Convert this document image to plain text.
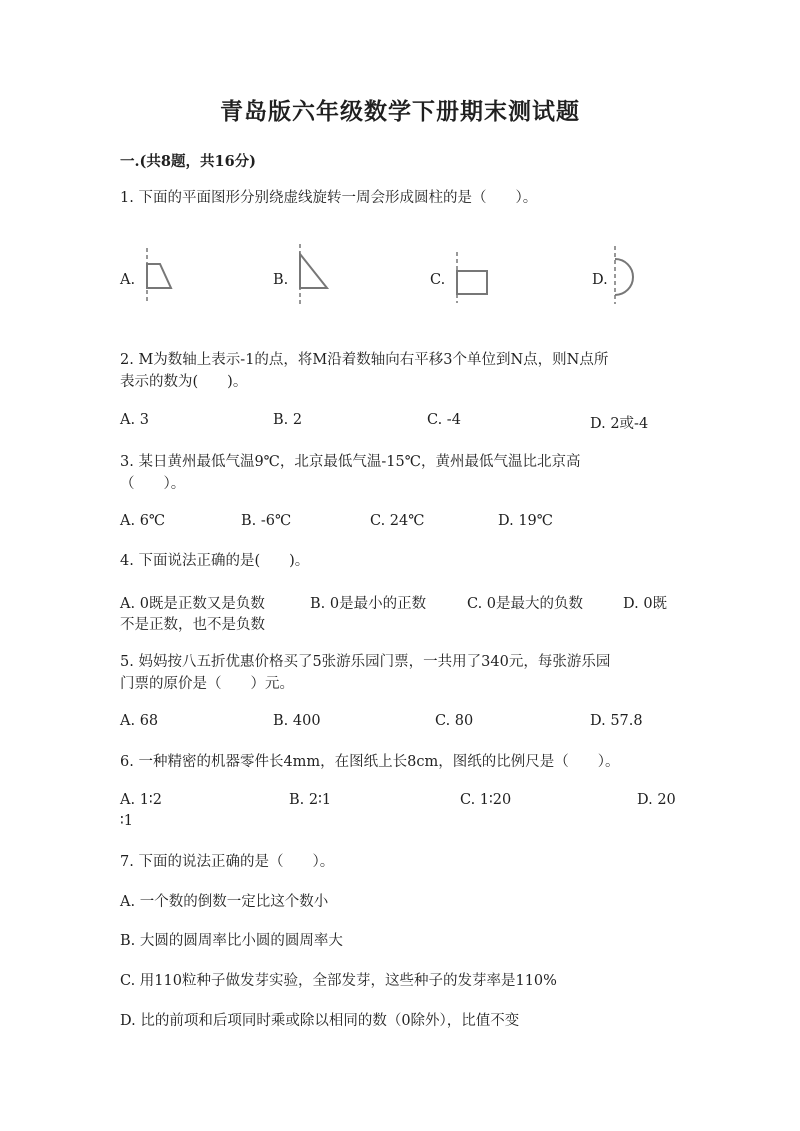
青岛版六年级数学下册期末测试题
一.(共8题，共16分)
1. 下面的平面图形分别绕虚线旋转一周会形成圆柱的是（　　）。
A.	B.	C.	D.
2. M为数轴上表示-1的点，将M沿着数轴向右平移3个单位到N点，则N点所
表示的数为(　　)。
A. 3	B. 2	C. -4	D. 2或-4
3. 某日黄州最低气温9℃，北京最低气温-15℃，黄州最低气温比北京高
（　　）。
A. 6℃	B. -6℃	C. 24℃	D. 19℃
4. 下面说法正确的是(　　)。
A. 0既是正数又是负数	B. 0是最小的正数	C. 0是最大的负数	D. 0既
不是正数，也不是负数
5. 妈妈按八五折优惠价格买了5张游乐园门票，一共用了340元，每张游乐园
门票的原价是（　　）元。
A. 68	B. 400	C. 80	D. 57.8
6. 一种精密的机器零件长4mm，在图纸上长8cm，图纸的比例尺是（　　）。
A. 1∶2	B. 2∶1	C. 1∶20	D. 20
∶1
7. 下面的说法正确的是（　　）。
A. 一个数的倒数一定比这个数小
B. 大圆的圆周率比小圆的圆周率大
C. 用110粒种子做发芽实验，全部发芽，这些种子的发芽率是110%
D. 比的前项和后项同时乘或除以相同的数（0除外），比值不变
